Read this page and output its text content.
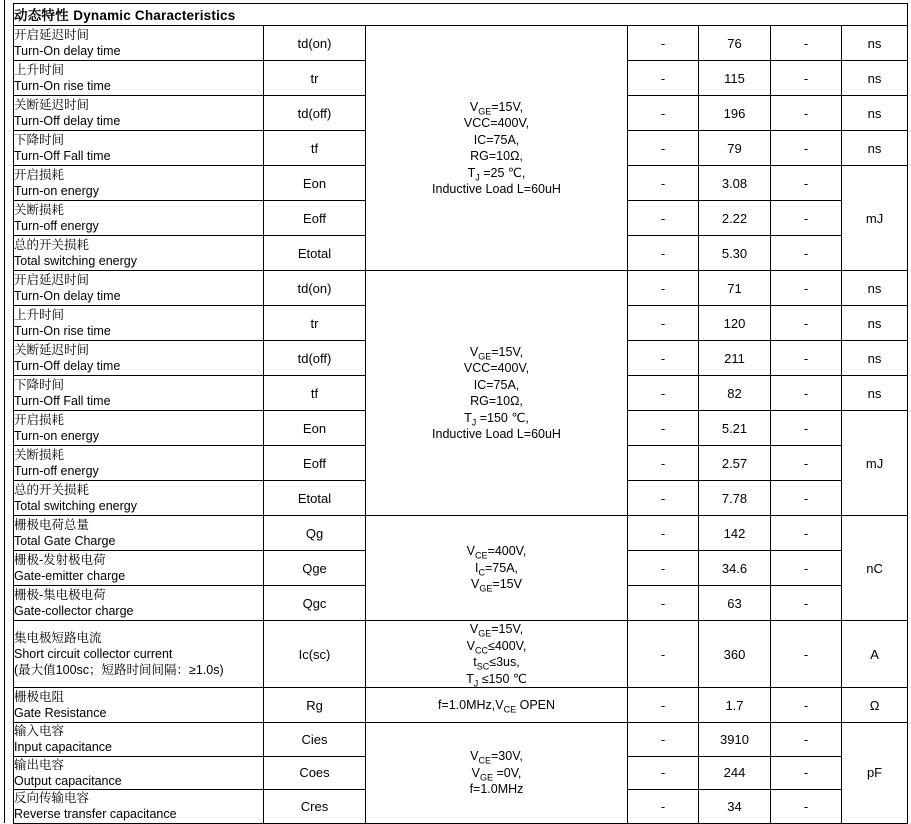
动态特性 Dynamic Characteristics						

开启延迟时间
Turn-On delay time
	td(on)	
$V_{GE}=15V$,
VCC=400V,
IC=75A,
RG=10Ω,
$T_J =25$ ℃,
Inductive Load L=60uH
	-	76	-	ns

上升时间
Turn-On rise time	tr		-	115	-	ns

关断延迟时间
Turn-Off delay time	td(off)		-	196	-	ns

下降时间
Turn-Off Fall time	tf		-	79	-	ns

开启损耗
Turn-on energy	Eon		-	3.08	-	mJ

关断损耗
Turn-off energy	Eoff		-	2.22	-	

总的开关损耗
Total switching energy	Etotal		-	5.30	-	

开启延迟时间
Turn-On delay time
	td(on)	
$V_{GE}=15V$,
VCC=400V,
IC=75A,
RG=10Ω,
$T_J =150$ ℃,
Inductive Load L=60uH
	-	71	-	ns

上升时间
Turn-On rise time	tr		-	120	-	ns

关断延迟时间
Turn-Off delay time	td(off)		-	211	-	ns

下降时间
Turn-Off Fall time	tf		-	82	-	ns

开启损耗
Turn-on energy	Eon		-	5.21	-	mJ

关断损耗
Turn-off energy	Eoff		-	2.57	-	

总的开关损耗
Total switching energy	Etotal		-	7.78	-	

栅极电荷总量
Total Gate Charge
	Qg	
$V_{CE}=400V$,
$I_C=75A$,
$V_{GE}=15V$
	-	142	-	nC

栅极-发射极电荷
Gate-emitter charge	Qge		-	34.6	-	

栅极-集电极电荷
Gate-collector charge	Qgc		-	63	-	

集电极短路电流
Short circuit collector current
(最大值100sc；短路时间间隔：≥1.0s)
	Ic(sc)	
$V_{GE}=15V$,
$V_{CC}\le 400V$,
$t_{SC}\le 3us$,
$T_J \le 150$ ℃
	-	360	-	A

栅极电阻
Gate Resistance	Rg	$f=1.0MHz,V_{CE}$ OPEN	-	1.7	-	Ω

输入电容
Input capacitance
	Cies	
$V_{CE}=30V$,
$V_{GE} =0V$,
f=1.0MHz
	-	3910	-	pF

输出电容
Output capacitance	Coes		-	244	-	

反向传输电容
Reverse transfer capacitance	Cres		-	34	-	
